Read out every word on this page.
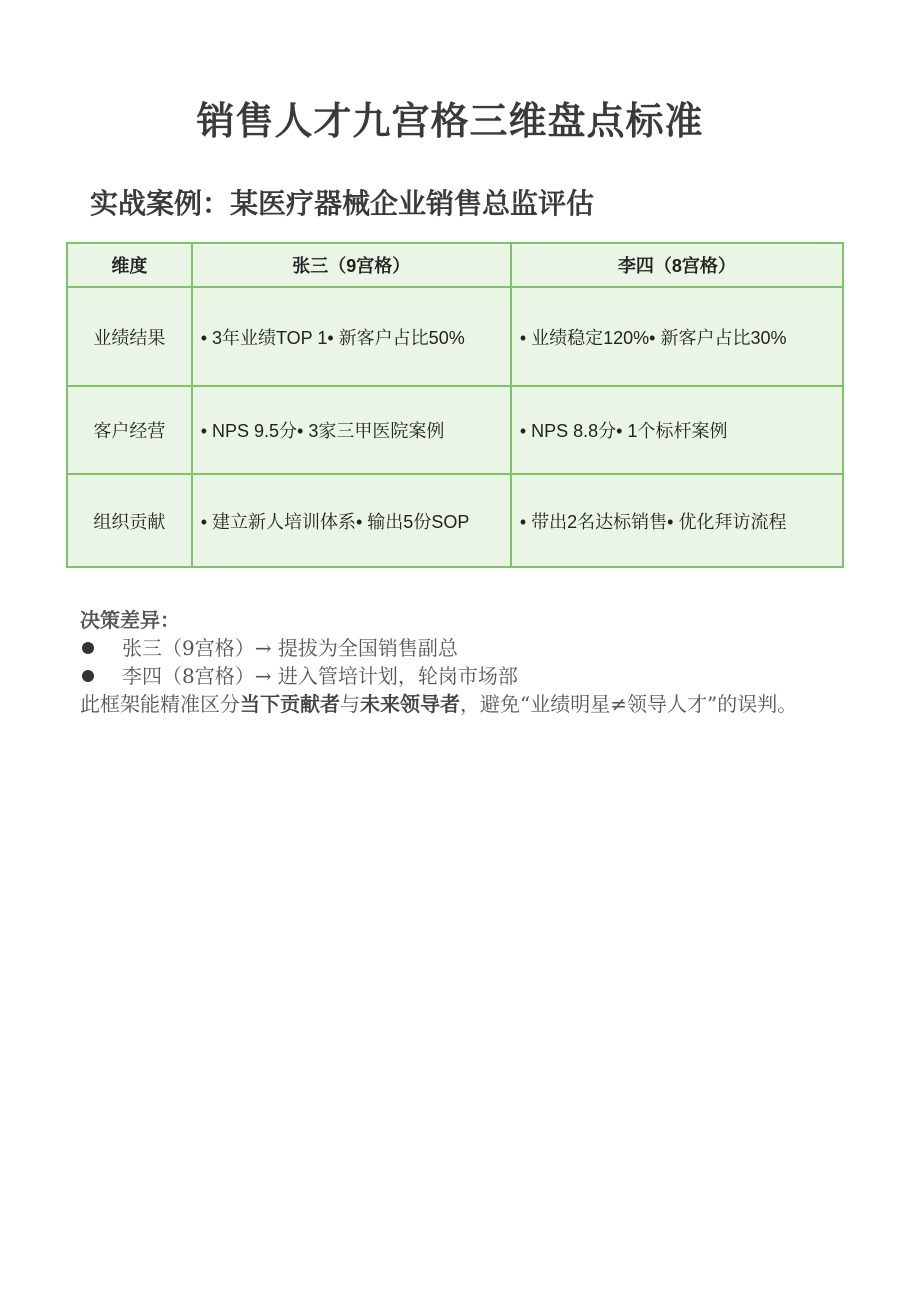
销售人才九宫格三维盘点标准
实战案例：某医疗器械企业销售总监评估
维度	张三（9宫格）	李四（8宫格）
业绩结果	• 3年业绩TOP 1• 新客户占比50%	• 业绩稳定120%• 新客户占比30%
客户经营	• NPS 9.5分• 3家三甲医院案例	• NPS 8.8分• 1个标杆案例
组织贡献	• 建立新人培训体系• 输出5份SOP	• 带出2名达标销售• 优化拜访流程
决策差异：
张三（9宫格）→ 提拔为全国销售副总
李四（8宫格）→ 进入管培计划，轮岗市场部
此框架能精准区分当下贡献者与未来领导者，避免“业绩明星≠领导人才”的误判。
